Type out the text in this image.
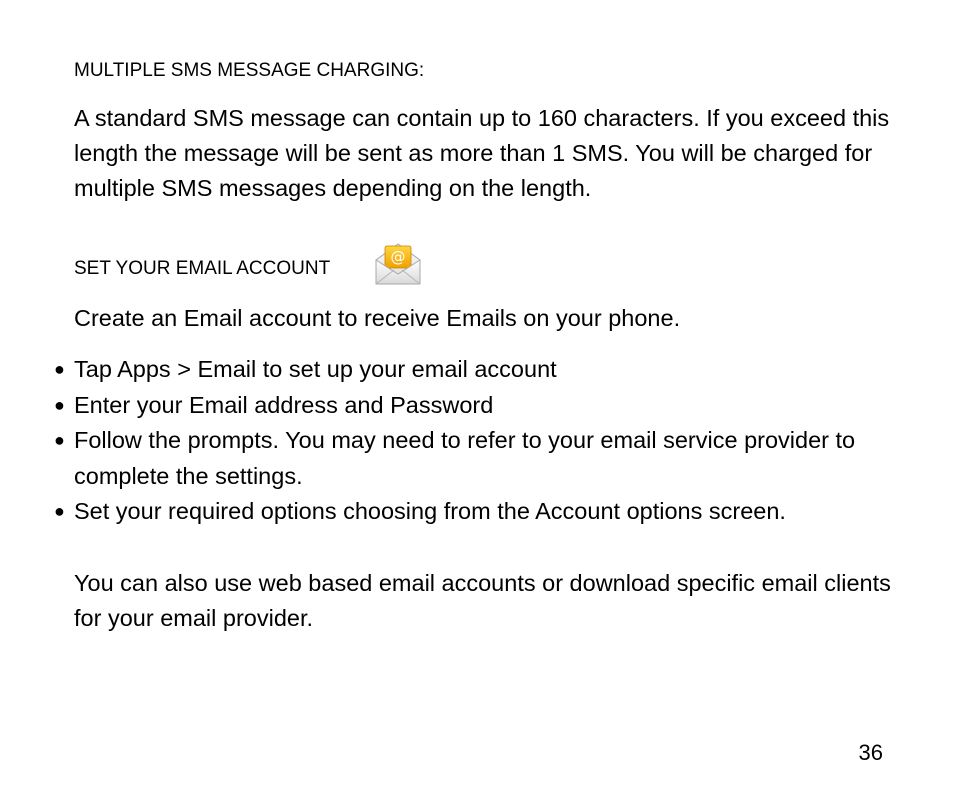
MULTIPLE SMS MESSAGE CHARGING:

A standard SMS message can contain up to 160 characters. If you exceed this length the message will be sent as more than 1 SMS. You will be charged for multiple SMS messages depending on the length.

SET YOUR EMAIL ACCOUNT
@

Create an Email account to receive Emails on your phone.

● Tap Apps > Email to set up your email account
● Enter your Email address and Password
● Follow the prompts. You may need to refer to your email service provider to complete the settings.
● Set your required options choosing from the Account options screen.

You can also use web based email accounts or download specific email clients for your email provider.

36
